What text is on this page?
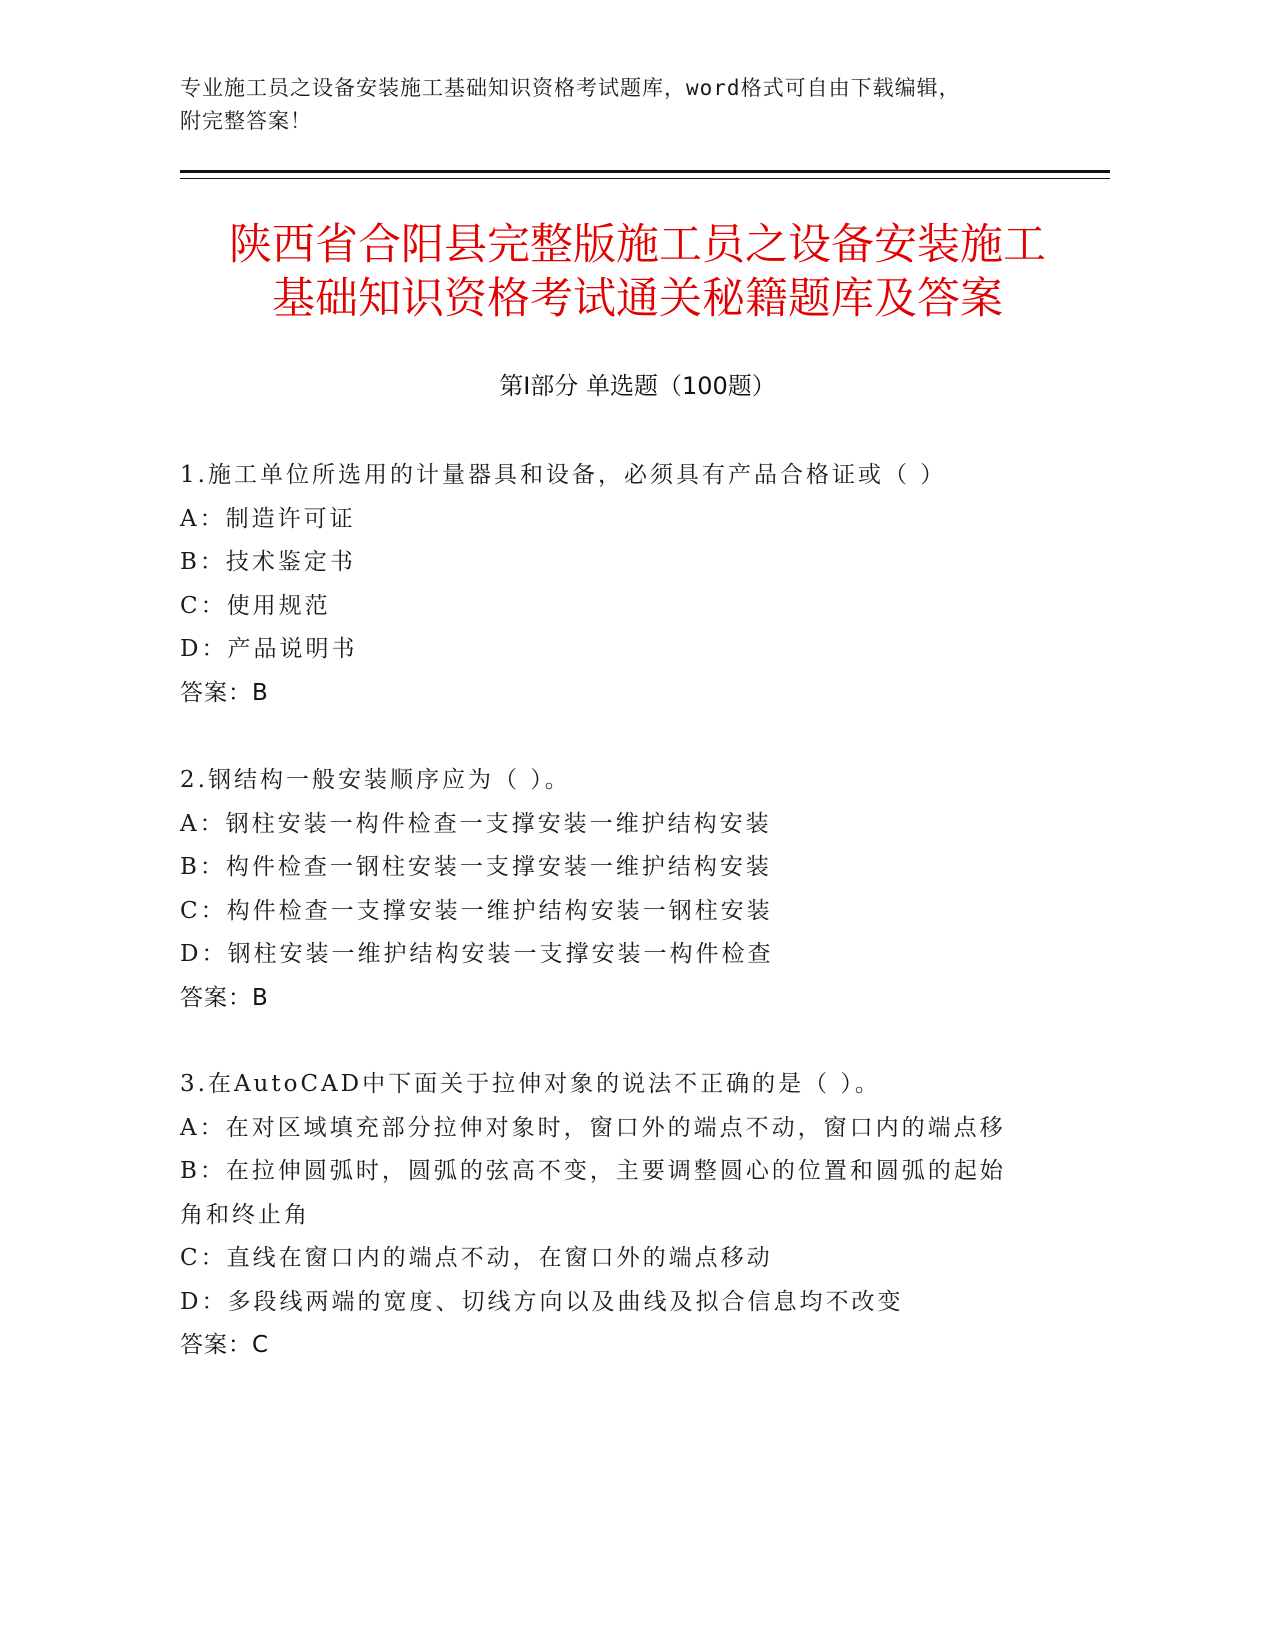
专业施工员之设备安装施工基础知识资格考试题库，word格式可自由下载编辑，
附完整答案！
陕西省合阳县完整版施工员之设备安装施工
基础知识资格考试通关秘籍题库及答案
第Ⅰ部分 单选题（100题）
1.施工单位所选用的计量器具和设备，必须具有产品合格证或（ ）
A：制造许可证
B：技术鉴定书
C：使用规范
D：产品说明书
答案：B
2.钢结构一般安装顺序应为（ ）。
A：钢柱安装一构件检查一支撑安装一维护结构安装
B：构件检查一钢柱安装一支撑安装一维护结构安装
C：构件检查一支撑安装一维护结构安装一钢柱安装
D：钢柱安装一维护结构安装一支撑安装一构件检查
答案：B
3.在AutoCAD中下面关于拉伸对象的说法不正确的是（ ）。
A：在对区域填充部分拉伸对象时，窗口外的端点不动，窗口内的端点移
B：在拉伸圆弧时，圆弧的弦高不变，主要调整圆心的位置和圆弧的起始角和终止角
C：直线在窗口内的端点不动，在窗口外的端点移动
D：多段线两端的宽度、切线方向以及曲线及拟合信息均不改变
答案：C
